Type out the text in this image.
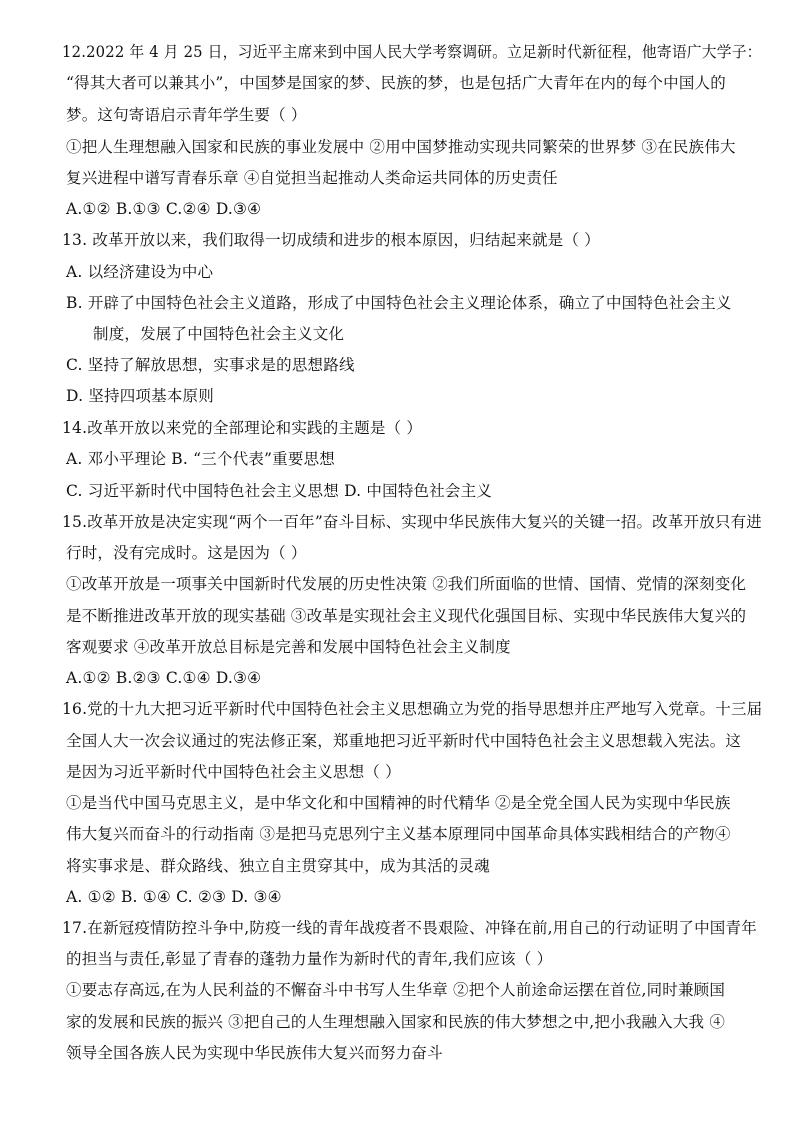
12.2022 年 4 月 25 日，习近平主席来到中国人民大学考察调研。立足新时代新征程，他寄语广大学子：
“得其大者可以兼其小”，中国梦是国家的梦、民族的梦，也是包括广大青年在内的每个中国人的
梦。这句寄语启示青年学生要（ ）
①把人生理想融入国家和民族的事业发展中 ②用中国梦推动实现共同繁荣的世界梦 ③在民族伟大
复兴进程中谱写青春乐章 ④自觉担当起推动人类命运共同体的历史责任
A.①② B.①③ C.②④ D.③④
13. 改革开放以来，我们取得一切成绩和进步的根本原因，归结起来就是（ ）
A. 以经济建设为中心
B. 开辟了中国特色社会主义道路，形成了中国特色社会主义理论体系，确立了中国特色社会主义
制度，发展了中国特色社会主义文化
C. 坚持了解放思想，实事求是的思想路线
D. 坚持四项基本原则
14.改革开放以来党的全部理论和实践的主题是（ ）
A. 邓小平理论 B. “三个代表”重要思想
C. 习近平新时代中国特色社会主义思想 D. 中国特色社会主义
15.改革开放是决定实现“两个一百年”奋斗目标、实现中华民族伟大复兴的关键一招。改革开放只有进
行时，没有完成时。这是因为（ ）
①改革开放是一项事关中国新时代发展的历史性决策 ②我们所面临的世情、国情、党情的深刻变化
是不断推进改革开放的现实基础 ③改革是实现社会主义现代化强国目标、实现中华民族伟大复兴的
客观要求 ④改革开放总目标是完善和发展中国特色社会主义制度
A.①② B.②③ C.①④ D.③④
16.党的十九大把习近平新时代中国特色社会主义思想确立为党的指导思想并庄严地写入党章。十三届
全国人大一次会议通过的宪法修正案，郑重地把习近平新时代中国特色社会主义思想载入宪法。这
是因为习近平新时代中国特色社会主义思想（ ）
①是当代中国马克思主义，是中华文化和中国精神的时代精华 ②是全党全国人民为实现中华民族
伟大复兴而奋斗的行动指南 ③是把马克思列宁主义基本原理同中国革命具体实践相结合的产物④
将实事求是、群众路线、独立自主贯穿其中，成为其活的灵魂
A. ①② B. ①④ C. ②③ D. ③④
17.在新冠疫情防控斗争中,防疫一线的青年战疫者不畏艰险、冲锋在前,用自己的行动证明了中国青年
的担当与责任,彰显了青春的蓬勃力量作为新时代的青年,我们应该（ ）
①要志存高远,在为人民利益的不懈奋斗中书写人生华章 ②把个人前途命运摆在首位,同时兼顾国
家的发展和民族的振兴 ③把自己的人生理想融入国家和民族的伟大梦想之中,把小我融入大我 ④
领导全国各族人民为实现中华民族伟大复兴而努力奋斗
